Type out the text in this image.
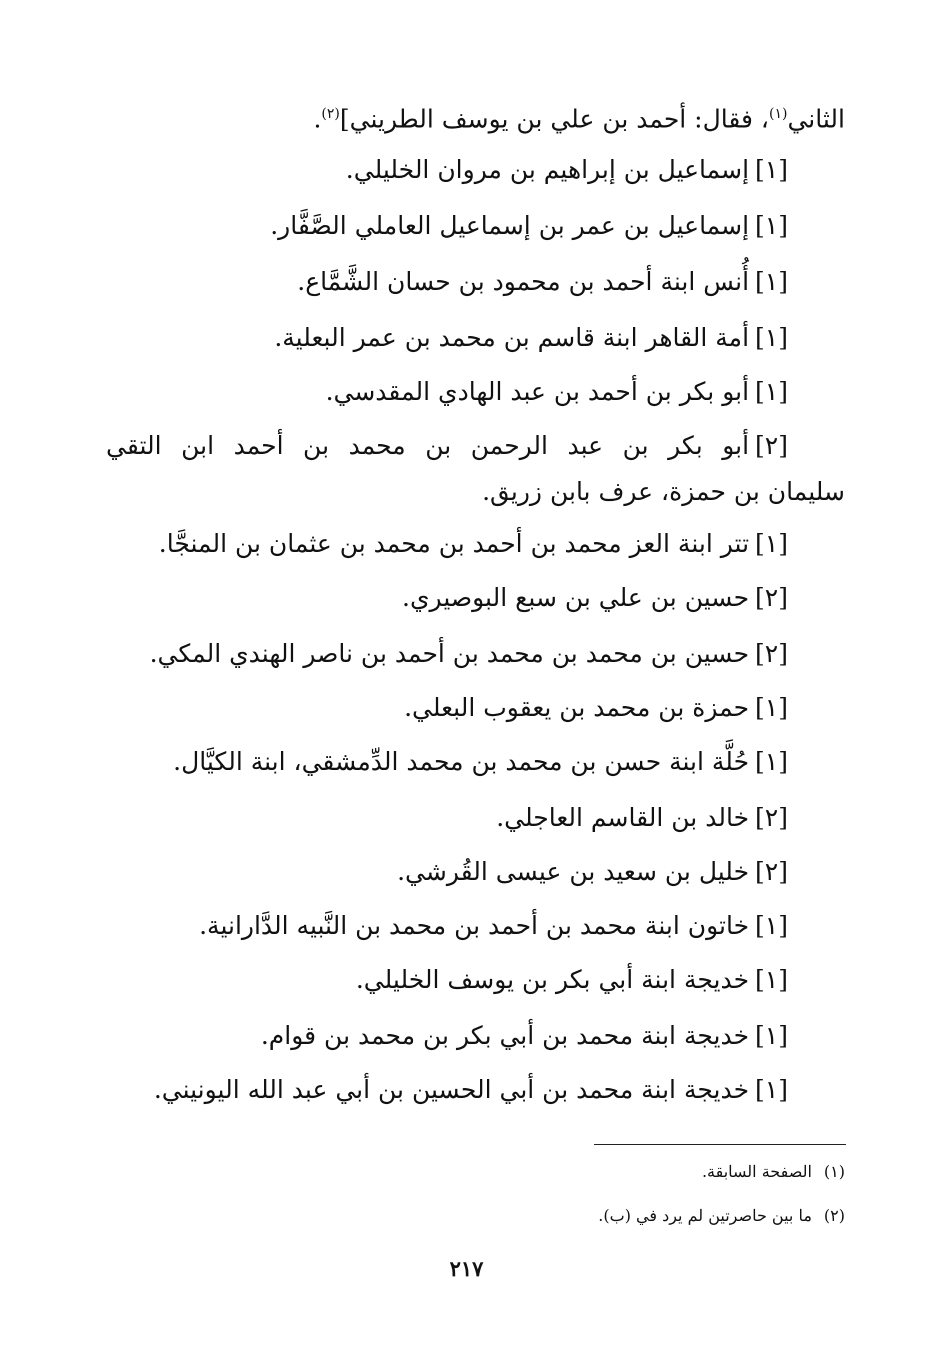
الثاني$^{(١)}$، فقال: أحمد بن علي بن يوسف الطريني]$^{(٢)}$.
[١]إسماعيل بن إبراهيم بن مروان الخليلي.
[١]إسماعيل بن عمر بن إسماعيل العاملي الصَّفَّار.
[١]أُنس ابنة أحمد بن محمود بن حسان الشَّمَّاع.
[١]أمة القاهر ابنة قاسم بن محمد بن عمر البعلية.
[١]أبو بكر بن أحمد بن عبد الهادي المقدسي.
[٢]أبو بكر بن عبد الرحمن بن محمد بن أحمد ابن التقي
سليمان بن حمزة، عرف بابن زريق.
[١]تتر ابنة العز محمد بن أحمد بن محمد بن عثمان بن المنجَّا.
[٢]حسين بن علي بن سبع البوصيري.
[٢]حسين بن محمد بن محمد بن أحمد بن ناصر الهندي المكي.
[١]حمزة بن محمد بن يعقوب البعلي.
[١]حُلَّة ابنة حسن بن محمد بن محمد الدِّمشقي، ابنة الكيَّال.
[٢]خالد بن القاسم العاجلي.
[٢]خليل بن سعيد بن عيسى القُرشي.
[١]خاتون ابنة محمد بن أحمد بن محمد بن النَّبيه الدَّارانية.
[١]خديجة ابنة أبي بكر بن يوسف الخليلي.
[١]خديجة ابنة محمد بن أبي بكر بن محمد بن قوام.
[١]خديجة ابنة محمد بن أبي الحسين بن أبي عبد الله اليونيني.
(١)الصفحة السابقة.
(٢)ما بين حاصرتين لم يرد في (ب).
٢١٧
